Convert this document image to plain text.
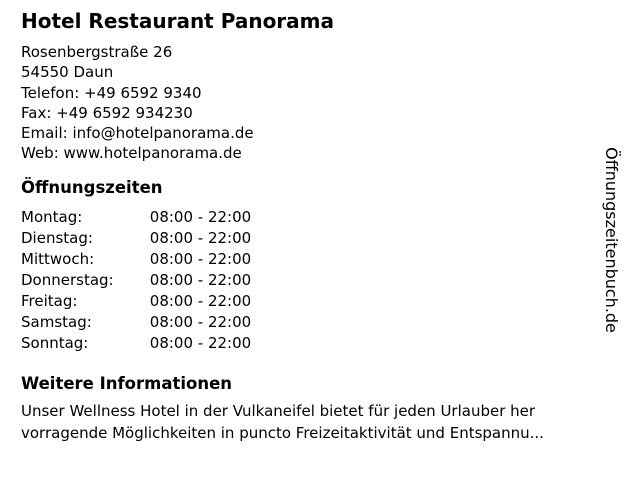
Hotel Restaurant Panorama
Rosenbergstraße 26
54550 Daun
Telefon: +49 6592 9340
Fax: +49 6592 934230
Email: info@hotelpanorama.de
Web: www.hotelpanorama.de
Öffnungszeiten
Montag:	08:00 - 22:00
Dienstag:	08:00 - 22:00
Mittwoch:	08:00 - 22:00
Donnerstag: 08:00 - 22:00
Freitag:	08:00 - 22:00
Samstag:	08:00 - 22:00
Sonntag:	08:00 - 22:00
Weitere Informationen
Unser Wellness Hotel in der Vulkaneifel bietet für jeden Urlauber her
vorragende Möglichkeiten in puncto Freizeitaktivität und Entspannu...
Öffnungszeitenbuch.de
